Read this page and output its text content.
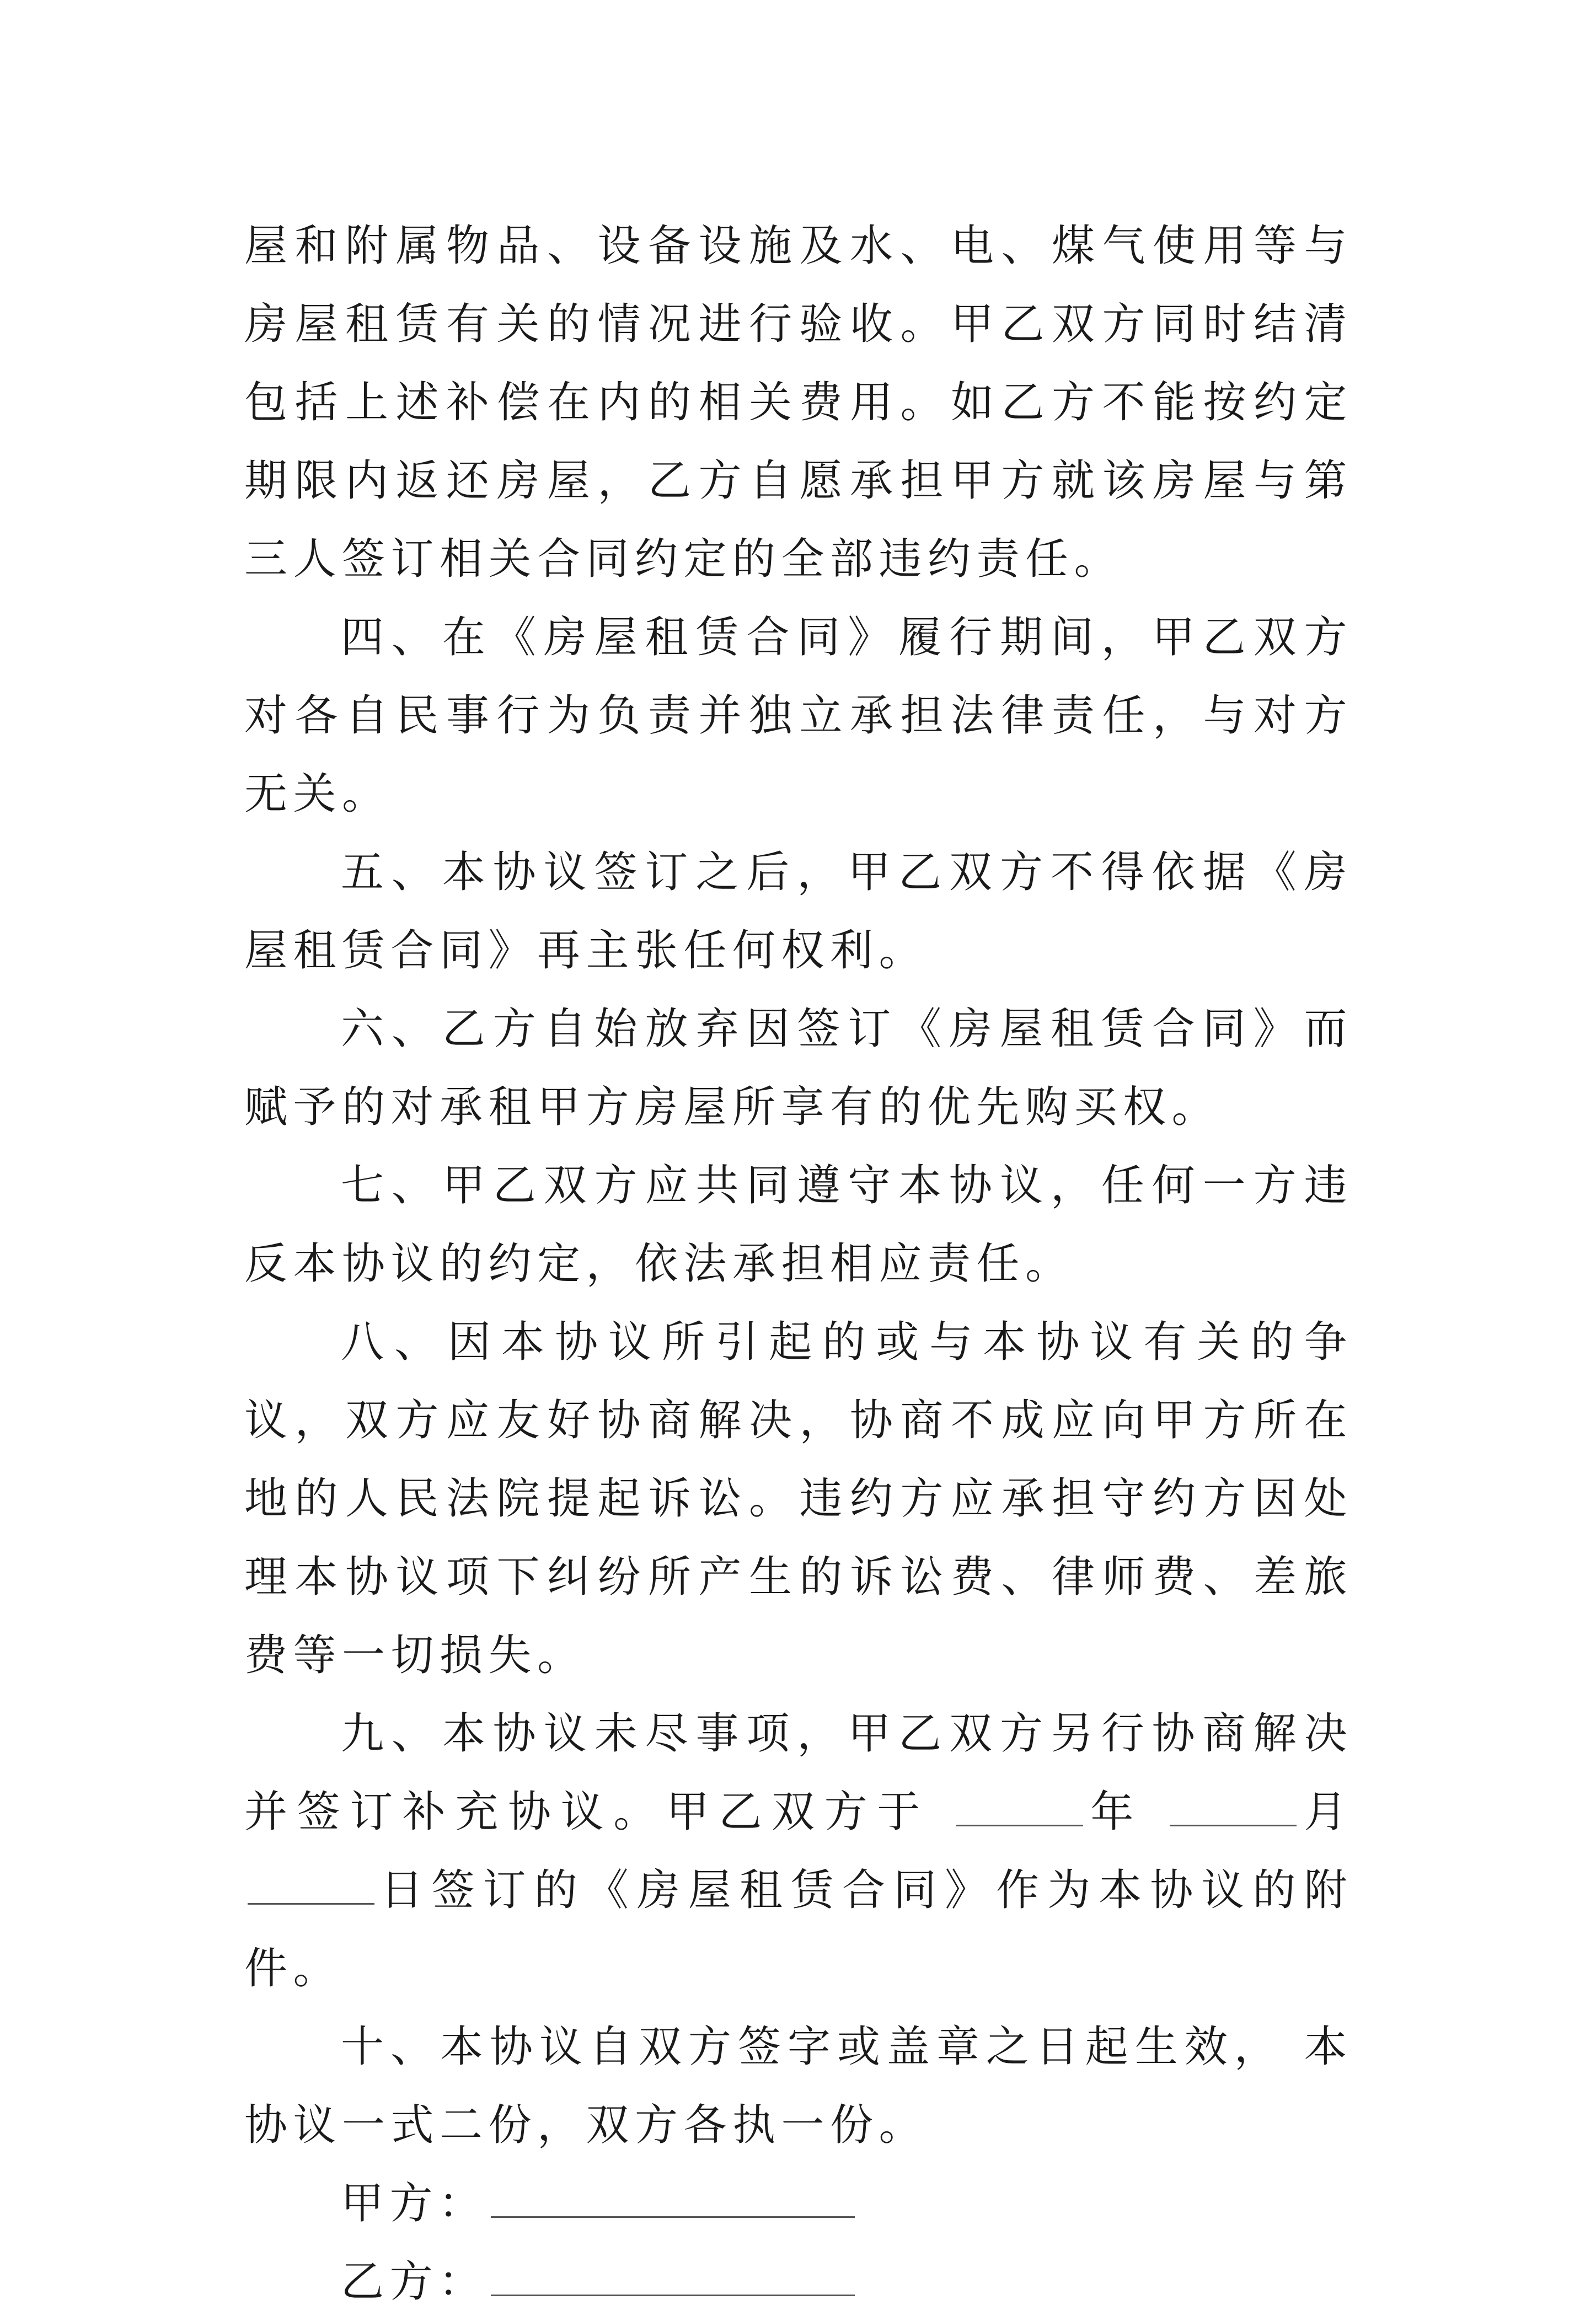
屋和附属物品、设备设施及水、电、煤气使用等与房屋租赁有关的情况进行验收。甲乙双方同时结清包括上述补偿在内的相关费用。如乙方不能按约定期限内返还房屋，乙方自愿承担甲方就该房屋与第三人签订相关合同约定的全部违约责任。

四、在《房屋租赁合同》履行期间，甲乙双方对各自民事行为负责并独立承担法律责任，与对方无关。

五、本协议签订之后，甲乙双方不得依据《房屋租赁合同》再主张任何权利。

六、乙方自始放弃因签订《房屋租赁合同》而赋予的对承租甲方房屋所享有的优先购买权。

七、甲乙双方应共同遵守本协议，任何一方违反本协议的约定，依法承担相应责任。

八、因本协议所引起的或与本协议有关的争议，双方应友好协商解决，协商不成应向甲方所在地的人民法院提起诉讼。违约方应承担守约方因处理本协议项下纠纷所产生的诉讼费、律师费、差旅费等一切损失。

九、本协议未尽事项，甲乙双方另行协商解决并签订补充协议。甲乙双方于	年	月日签订的《房屋租赁合同》作为本协议的附件。

十、本协议自双方签字或盖章之日起生效， 本协议一式二份，双方各执一份。

甲方：

乙方：
